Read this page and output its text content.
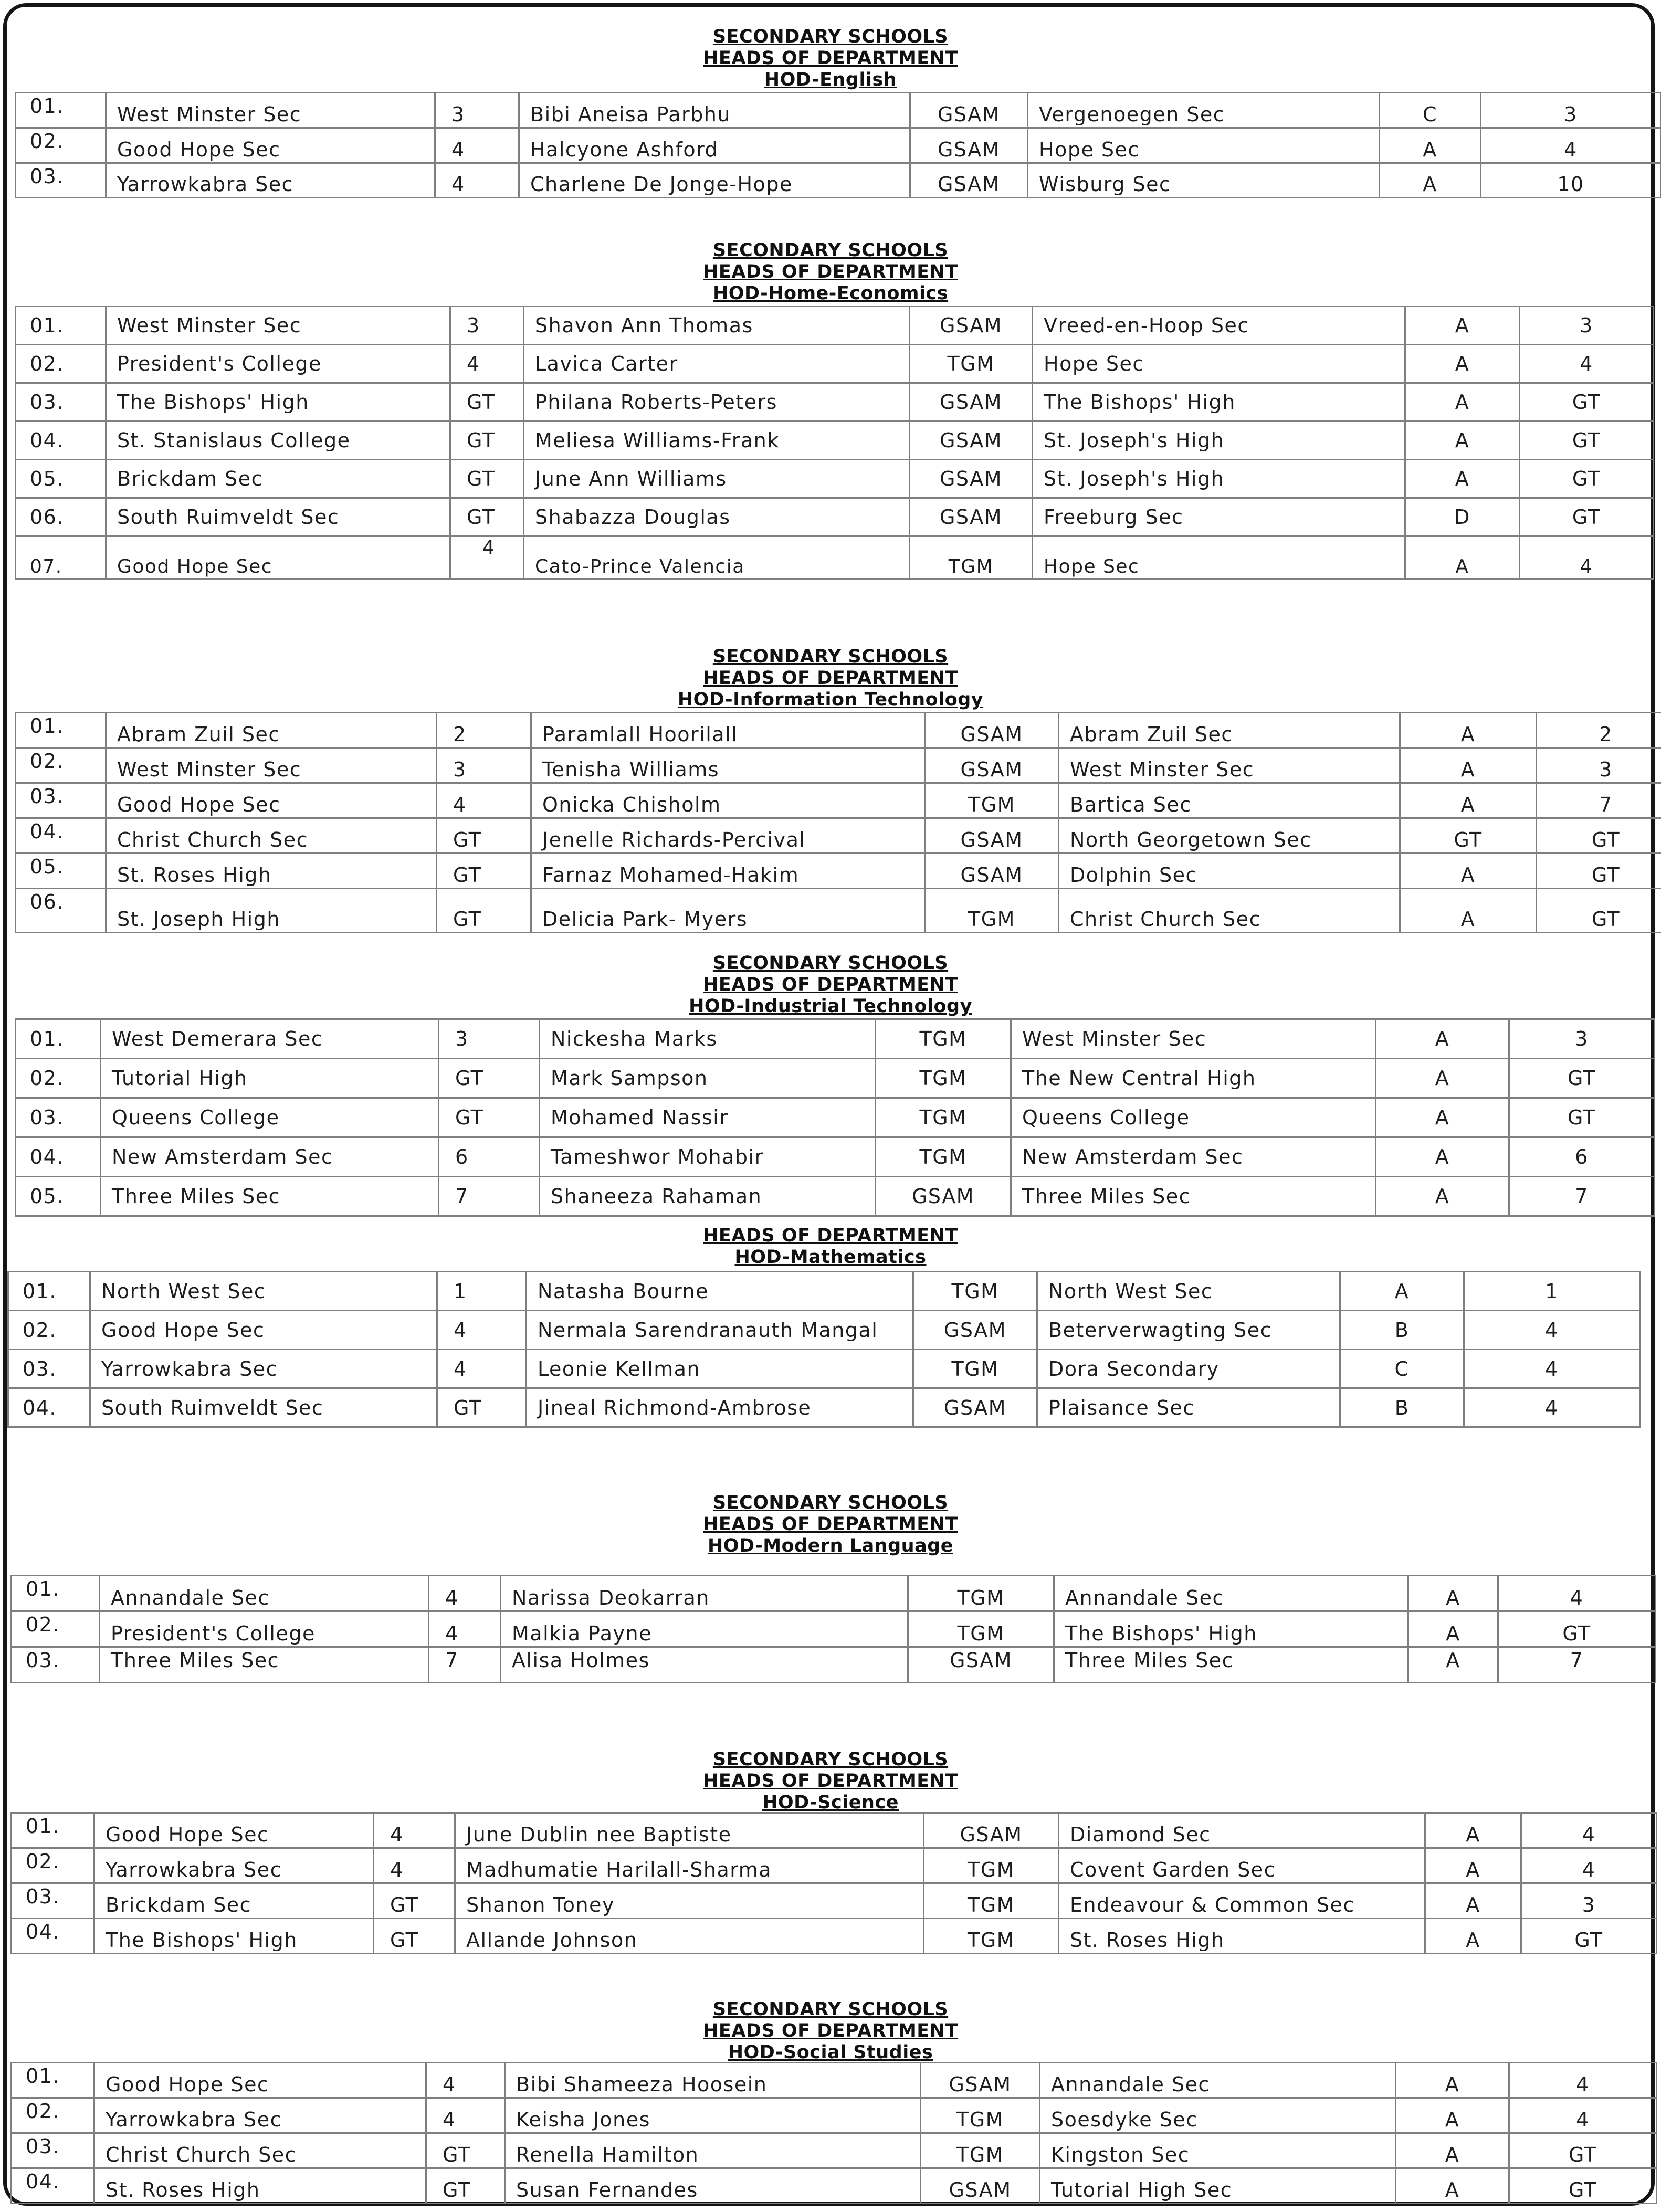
SECONDARY SCHOOLS
HEADS OF DEPARTMENT
HOD-English
01.	West Minster Sec	3	Bibi Aneisa Parbhu	GSAM	Vergenoegen Sec	C	3
02.	Good Hope Sec	4	Halcyone Ashford	GSAM	Hope Sec	A	4
03.	Yarrowkabra Sec	4	Charlene De Jonge-Hope	GSAM	Wisburg Sec	A	10
SECONDARY SCHOOLS
HEADS OF DEPARTMENT
HOD-Home-Economics
01.	West Minster Sec	3	Shavon Ann Thomas	GSAM	Vreed-en-Hoop Sec	A	3
02.	President's College	4	Lavica Carter	TGM	Hope Sec	A	4
03.	The Bishops' High	GT	Philana Roberts-Peters	GSAM	The Bishops' High	A	GT
04.	St. Stanislaus College	GT	Meliesa Williams-Frank	GSAM	St. Joseph's High	A	GT
05.	Brickdam Sec	GT	June Ann Williams	GSAM	St. Joseph's High	A	GT
06.	South Ruimveldt Sec	GT	Shabazza Douglas	GSAM	Freeburg Sec	D	GT
07.	Good Hope Sec	4	Cato-Prince Valencia	TGM	Hope Sec	A	4
SECONDARY SCHOOLS
HEADS OF DEPARTMENT
HOD-Information Technology
01.	Abram Zuil Sec	2	Paramlall Hoorilall	GSAM	Abram Zuil Sec	A	2
02.	West Minster Sec	3	Tenisha Williams	GSAM	West Minster Sec	A	3
03.	Good Hope Sec	4	Onicka Chisholm	TGM	Bartica Sec	A	7
04.	Christ Church Sec	GT	Jenelle Richards-Percival	GSAM	North Georgetown Sec	GT	GT
05.	St. Roses High	GT	Farnaz Mohamed-Hakim	GSAM	Dolphin Sec	A	GT
06.	St. Joseph High	GT	Delicia Park- Myers	TGM	Christ Church Sec	A	GT
SECONDARY SCHOOLS
HEADS OF DEPARTMENT
HOD-Industrial Technology
01.	West Demerara Sec	3	Nickesha Marks	TGM	West Minster Sec	A	3
02.	Tutorial High	GT	Mark Sampson	TGM	The New Central High	A	GT
03.	Queens College	GT	Mohamed Nassir	TGM	Queens College	A	GT
04.	New Amsterdam Sec	6	Tameshwor Mohabir	TGM	New Amsterdam Sec	A	6
05.	Three Miles Sec	7	Shaneeza Rahaman	GSAM	Three Miles Sec	A	7
HEADS OF DEPARTMENT
HOD-Mathematics
01.	North West Sec	1	Natasha Bourne	TGM	North West Sec	A	1
02.	Good Hope Sec	4	Nermala Sarendranauth Mangal	GSAM	Beterverwagting Sec	B	4
03.	Yarrowkabra Sec	4	Leonie Kellman	TGM	Dora Secondary	C	4
04.	South Ruimveldt Sec	GT	Jineal Richmond-Ambrose	GSAM	Plaisance Sec	B	4
SECONDARY SCHOOLS
HEADS OF DEPARTMENT
HOD-Modern Language
01.	Annandale Sec	4	Narissa Deokarran	TGM	Annandale Sec	A	4
02.	President's College	4	Malkia Payne	TGM	The Bishops' High	A	GT
03.	Three Miles Sec	7	Alisa Holmes	GSAM	Three Miles Sec	A	7
SECONDARY SCHOOLS
HEADS OF DEPARTMENT
HOD-Science
01.	Good Hope Sec	4	June Dublin nee Baptiste	GSAM	Diamond Sec	A	4
02.	Yarrowkabra Sec	4	Madhumatie Harilall-Sharma	TGM	Covent Garden Sec	A	4
03.	Brickdam Sec	GT	Shanon Toney	TGM	Endeavour & Common Sec	A	3
04.	The Bishops' High	GT	Allande Johnson	TGM	St. Roses High	A	GT
SECONDARY SCHOOLS
HEADS OF DEPARTMENT
HOD-Social Studies
01.	Good Hope Sec	4	Bibi Shameeza Hoosein	GSAM	Annandale Sec	A	4
02.	Yarrowkabra Sec	4	Keisha Jones	TGM	Soesdyke Sec	A	4
03.	Christ Church Sec	GT	Renella Hamilton	TGM	Kingston Sec	A	GT
04.	St. Roses High	GT	Susan Fernandes	GSAM	Tutorial High Sec	A	GT
